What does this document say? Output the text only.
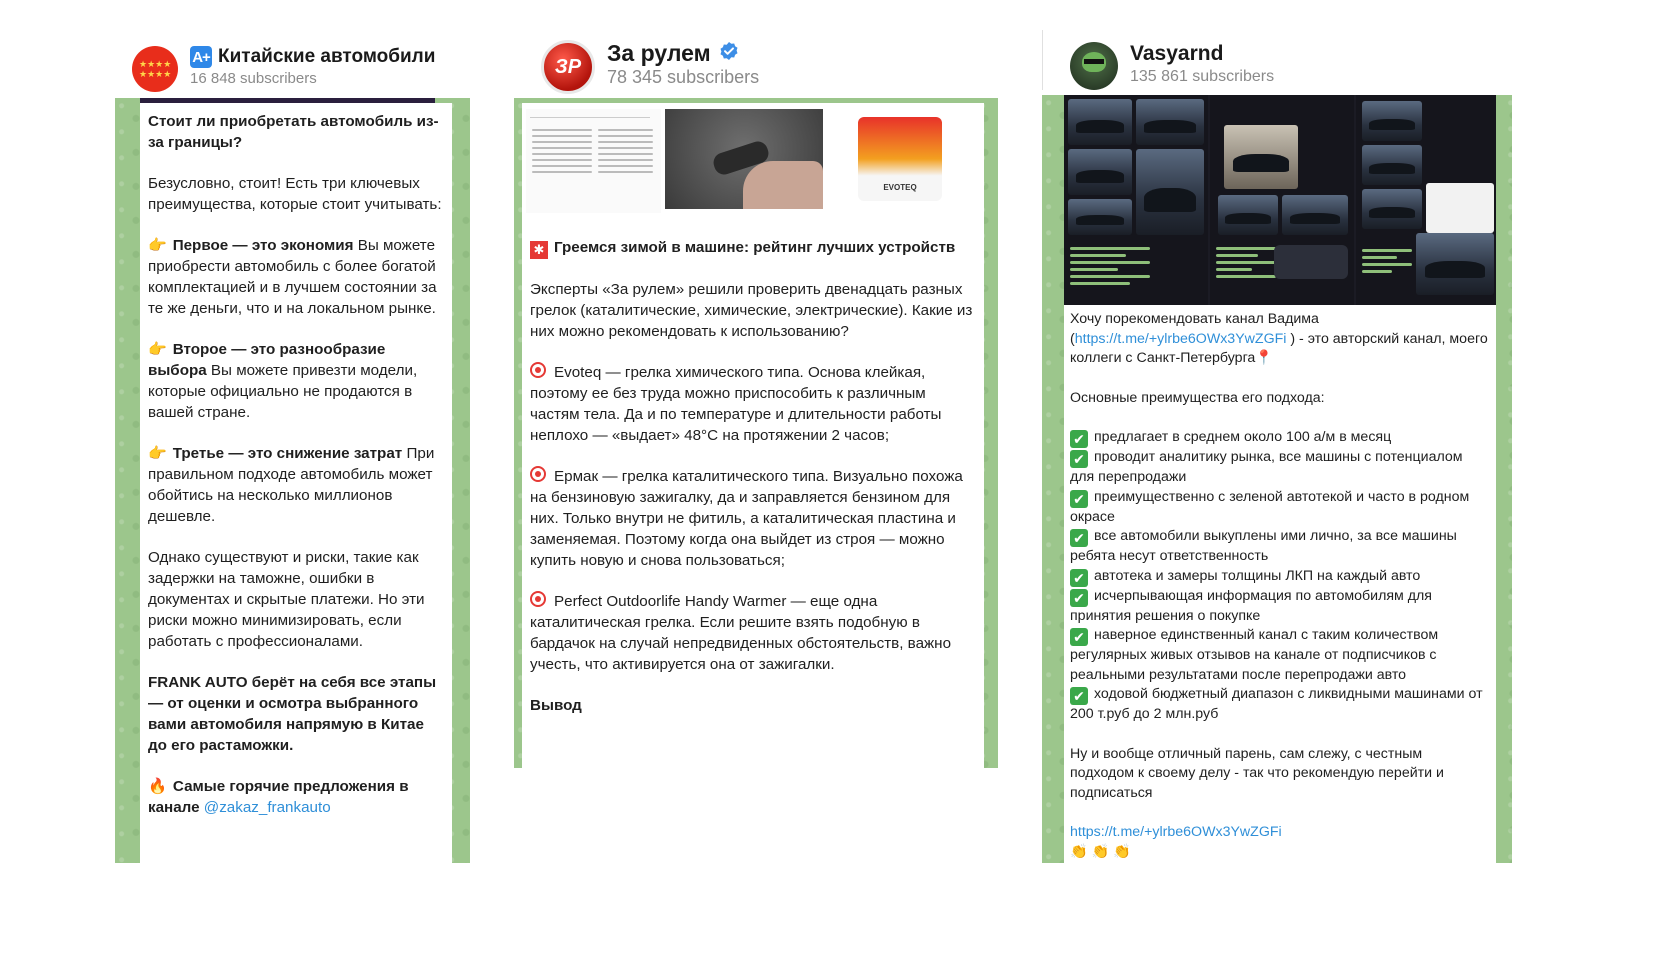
★★★★
★★★★
A+ Китайские автомобили
16 848 subscribers

Стоит ли приобретать автомобиль из-за границы?

Безусловно, стоит! Есть три ключевых преимущества, которые стоит учитывать:

👉 Первое — это экономия Вы можете приобрести автомобиль с более богатой комплектацией и в лучшем состоянии за те же деньги, что и на локальном рынке.

👉 Второе — это разнообразие выбора Вы можете привезти модели, которые официально не продаются в вашей стране.

👉 Третье — это снижение затрат При правильном подходе автомобиль может обойтись на несколько миллионов дешевле.

Однако существуют и риски, такие как задержки на таможне, ошибки в документах и скрытые платежи. Но эти риски можно минимизировать, если работать с профессионалами.

FRANK AUTO берёт на себя все этапы — от оценки и осмотра выбранного вами автомобиля напрямую в Китае до его растаможки.

🔥 Самые горячие предложения в канале @zakaz_frankauto

ЗР
За рулем
78 345 subscribers
EVOTEQ

✱ Греемся зимой в машине: рейтинг лучших устройств

Эксперты «За рулем» решили проверить двенадцать разных грелок (каталитические, химические, электрические). Какие из них можно рекомендовать к использованию?

Evoteq — грелка химического типа. Основа клейкая, поэтому ее без труда можно приспособить к различным частям тела. Да и по температуре и длительности работы неплохо — «выдает» 48°С на протяжении 2 часов;

Ермак — грелка каталитического типа. Визуально похожа на бензиновую зажигалку, да и заправляется бензином для них. Только внутри не фитиль, а каталитическая пластина и заменяемая. Поэтому когда она выйдет из строя — можно купить новую и снова пользоваться;

Perfect Outdoorlife Handy Warmer — еще одна каталитическая грелка. Если решите взять подобную в бардачок на случай непредвиденных обстоятельств, важно учесть, что активируется она от зажигалки.

Вывод

Vasyarnd
135 861 subscribers

Хочу порекомендовать канал Вадима (https://t.me/+ylrbe6OWx3YwZGFi ) - это авторский канал, моего коллеги с Санкт-Петербурга📍

Основные преимущества его подхода:

✔ предлагает в среднем около 100 а/м в месяц
✔ проводит аналитику рынка, все машины с потенциалом для перепродажи
✔ преимущественно с зеленой автотекой и часто в родном окрасе
✔ все автомобили выкуплены ими лично, за все машины ребята несут ответственность
✔ автотека и замеры толщины ЛКП на каждый авто
✔ исчерпывающая информация по автомобилям для принятия решения о покупке
✔ наверное единственный канал с таким количеством регулярных живых отзывов на канале от подписчиков с реальными результатами после перепродажи авто
✔ ходовой бюджетный диапазон с ликвидными машинами от 200 т.руб до 2 млн.руб

Ну и вообще отличный парень, сам слежу, с честным подходом к своему делу - так что рекомендую перейти и подписаться

https://t.me/+ylrbe6OWx3YwZGFi
👏👏👏
